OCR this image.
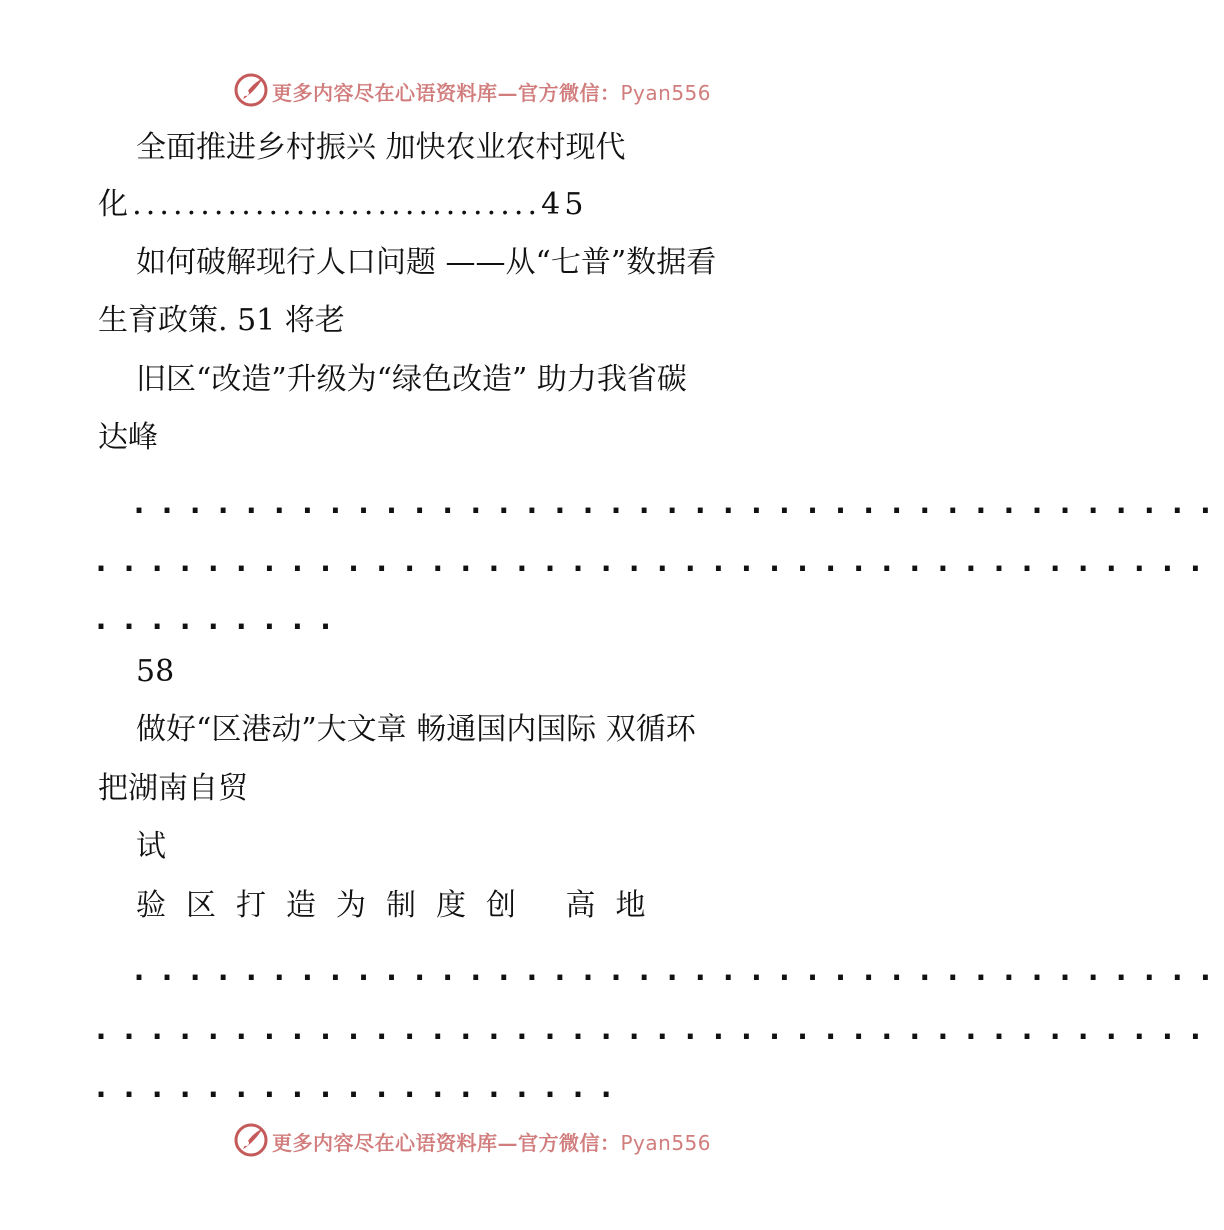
更多内容尽在心语资料库—官方微信：Pyan556
全面推进乡村振兴 加快农业农村现代
化..............................45
如何破解现行人口问题 ——从“七普”数据看
生育政策. 51 将老
旧区“改造”升级为“绿色改造” 助力我省碳
达峰
.......................................
........................................
.........
58
做好“区港动”大文章 畅通国内国际 双循环
把湖南自贸
试
验 区 打 造 为 制 度 创 高 地
.......................................
........................................
...................
更多内容尽在心语资料库—官方微信：Pyan556
